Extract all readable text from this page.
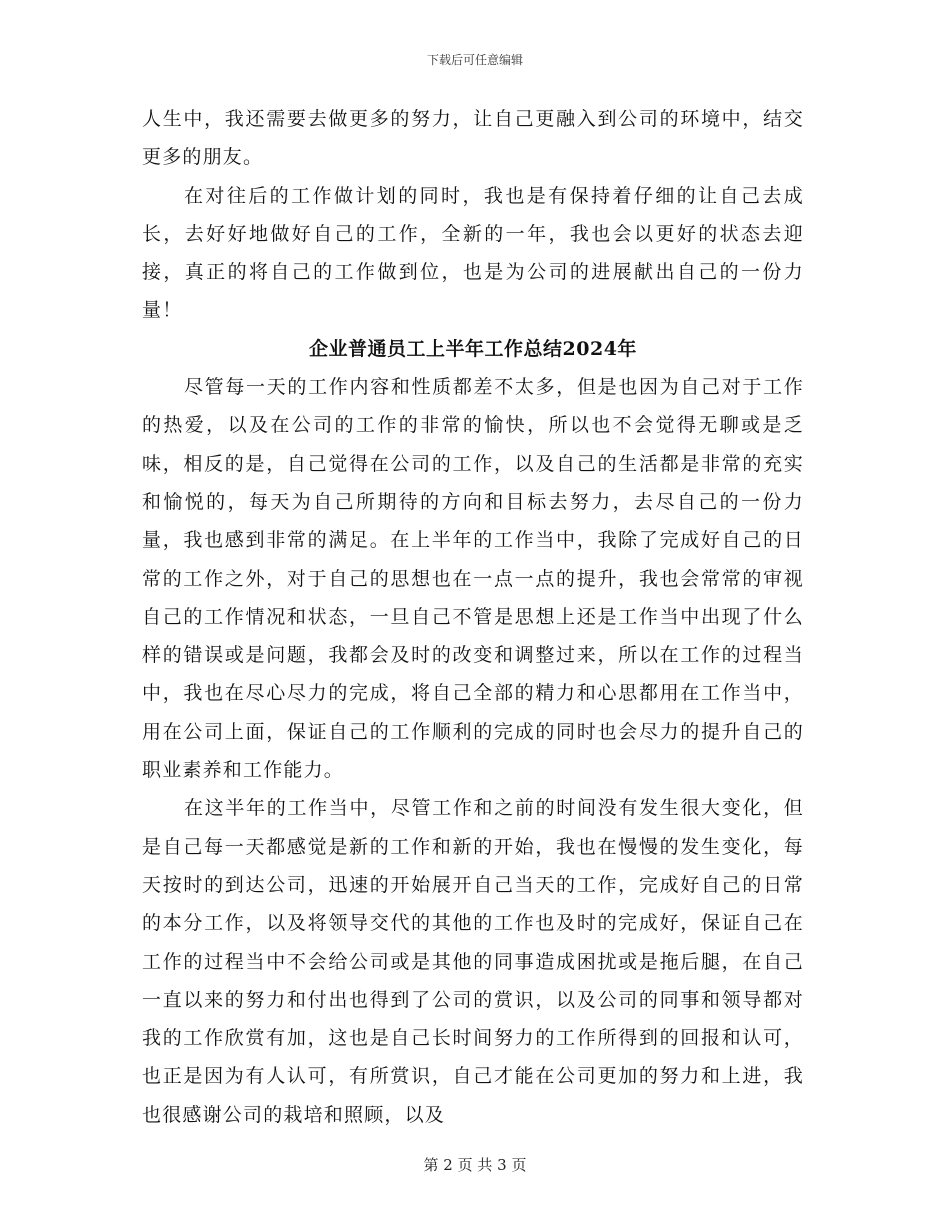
下载后可任意编辑

人生中，我还需要去做更多的努力，让自己更融入到公司的环境中，结交更多的朋友。

在对往后的工作做计划的同时，我也是有保持着仔细的让自己去成长，去好好地做好自己的工作，全新的一年，我也会以更好的状态去迎接，真正的将自己的工作做到位，也是为公司的进展献出自己的一份力量！

企业普通员工上半年工作总结2024年

尽管每一天的工作内容和性质都差不太多，但是也因为自己对于工作的热爱，以及在公司的工作的非常的愉快，所以也不会觉得无聊或是乏味，相反的是，自己觉得在公司的工作，以及自己的生活都是非常的充实和愉悦的，每天为自己所期待的方向和目标去努力，去尽自己的一份力量，我也感到非常的满足。在上半年的工作当中，我除了完成好自己的日常的工作之外，对于自己的思想也在一点一点的提升，我也会常常的审视自己的工作情况和状态，一旦自己不管是思想上还是工作当中出现了什么样的错误或是问题，我都会及时的改变和调整过来，所以在工作的过程当中，我也在尽心尽力的完成，将自己全部的精力和心思都用在工作当中，用在公司上面，保证自己的工作顺利的完成的同时也会尽力的提升自己的职业素养和工作能力。

在这半年的工作当中，尽管工作和之前的时间没有发生很大变化，但是自己每一天都感觉是新的工作和新的开始，我也在慢慢的发生变化，每天按时的到达公司，迅速的开始展开自己当天的工作，完成好自己的日常的本分工作，以及将领导交代的其他的工作也及时的完成好，保证自己在工作的过程当中不会给公司或是其他的同事造成困扰或是拖后腿，在自己一直以来的努力和付出也得到了公司的赏识，以及公司的同事和领导都对我的工作欣赏有加，这也是自己长时间努力的工作所得到的回报和认可，也正是因为有人认可，有所赏识，自己才能在公司更加的努力和上进，我也很感谢公司的栽培和照顾，以及

第 2 页 共 3 页
